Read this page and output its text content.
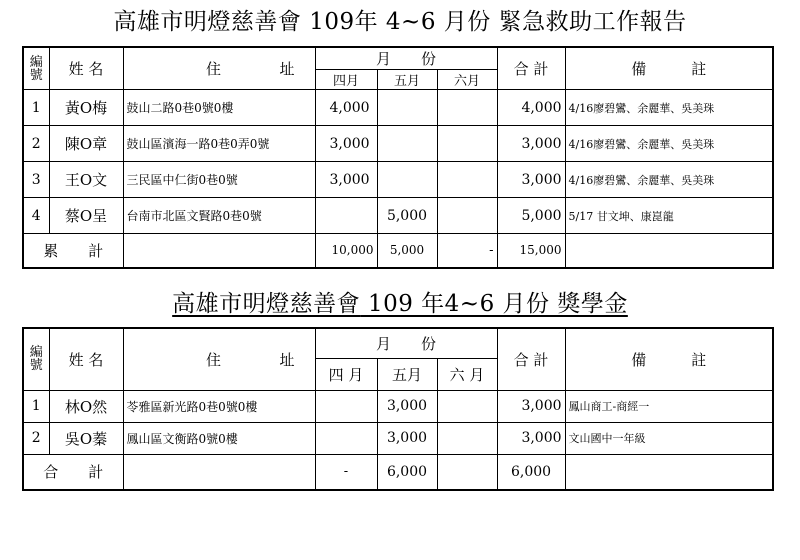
高雄市明燈慈善會 109年 4~6 月份 緊急救助工作報告
編
號	姓 名	住 址	月　　份			合 計	備　　　註
			四月	五月	六月		
1	黃O梅	鼓山二路0巷0號0樓	4,000			4,000	4/16廖碧鸞、余麗華、吳美珠
2	陳O章	鼓山區濱海一路0巷0弄0號	3,000			3,000	4/16廖碧鸞、余麗華、吳美珠
3	王O文	三民區中仁街0巷0號	3,000			3,000	4/16廖碧鸞、余麗華、吳美珠
4	蔡O呈	台南市北區文賢路0巷0號		5,000		5,000	5/17 甘文坤、康崑龍
累　　計			10,000	5,000	-	15,000	
高雄市明燈慈善會 109 年4~6 月份 獎學金
編
號	姓 名	住 址	月　　份			合 計	備　　　註
			四 月	五月	六 月		
1	林O然	苓雅區新光路0巷0號0樓		3,000		3,000	鳳山商工-商經一
2	吳O蓁	鳳山區文衡路0號0樓		3,000		3,000	文山國中一年級
合　　計			-	6,000		6,000	
